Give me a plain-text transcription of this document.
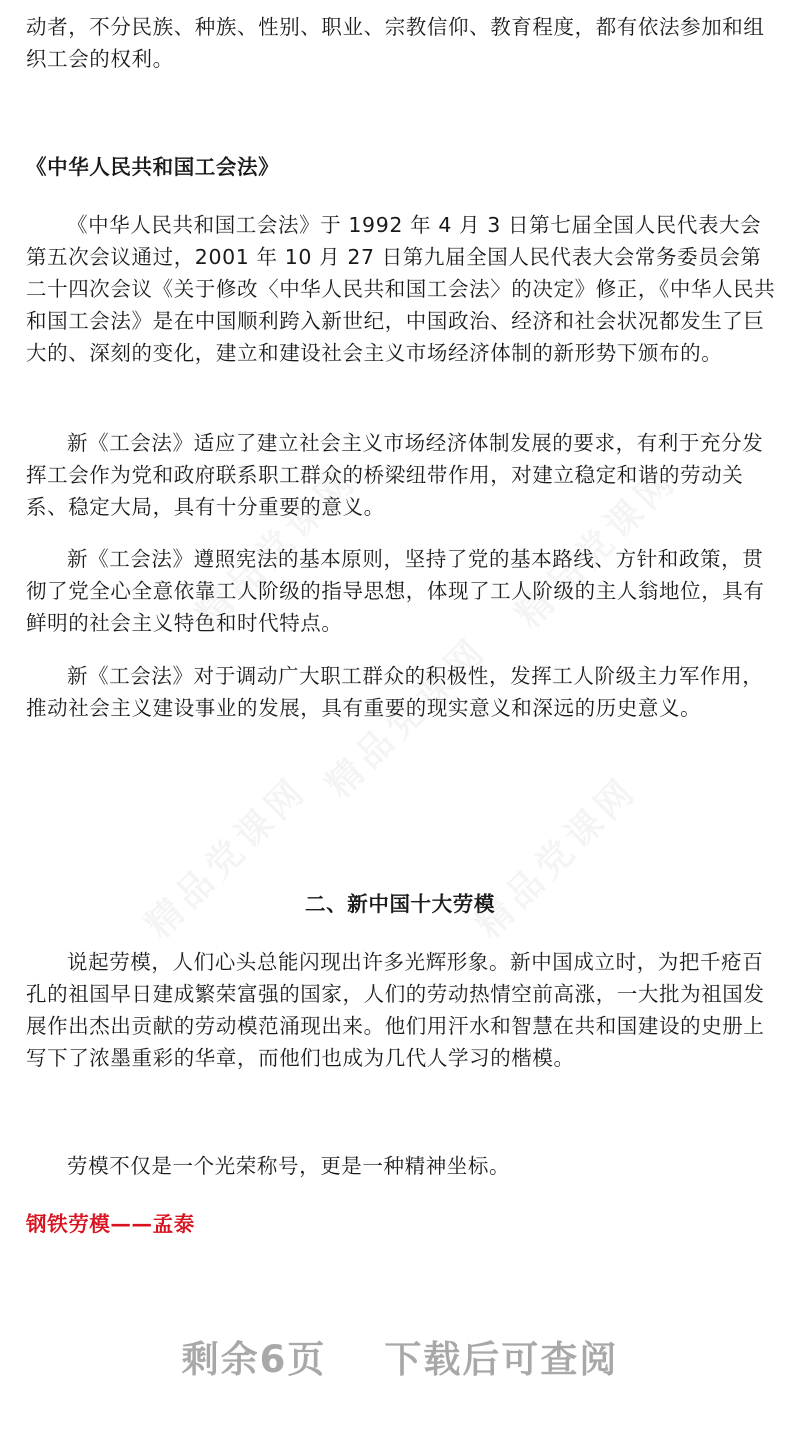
动者，不分民族、种族、性别、职业、宗教信仰、教育程度，都有依法参加和组织工会的权利。

《中华人民共和国工会法》

《中华人民共和国工会法》于 1992 年 4 月 3 日第七届全国人民代表大会第五次会议通过，2001 年 10 月 27 日第九届全国人民代表大会常务委员会第二十四次会议《关于修改〈中华人民共和国工会法〉的决定》修正，《中华人民共和国工会法》是在中国顺利跨入新世纪，中国政治、经济和社会状况都发生了巨大的、深刻的变化，建立和建设社会主义市场经济体制的新形势下颁布的。

新《工会法》适应了建立社会主义市场经济体制发展的要求，有利于充分发挥工会作为党和政府联系职工群众的桥梁纽带作用，对建立稳定和谐的劳动关系、稳定大局，具有十分重要的意义。

新《工会法》遵照宪法的基本原则，坚持了党的基本路线、方针和政策，贯彻了党全心全意依靠工人阶级的指导思想，体现了工人阶级的主人翁地位，具有鲜明的社会主义特色和时代特点。

新《工会法》对于调动广大职工群众的积极性，发挥工人阶级主力军作用，推动社会主义建设事业的发展，具有重要的现实意义和深远的历史意义。

二、新中国十大劳模

说起劳模，人们心头总能闪现出许多光辉形象。新中国成立时，为把千疮百孔的祖国早日建成繁荣富强的国家，人们的劳动热情空前高涨，一大批为祖国发展作出杰出贡献的劳动模范涌现出来。他们用汗水和智慧在共和国建设的史册上写下了浓墨重彩的华章，而他们也成为几代人学习的楷模。

劳模不仅是一个光荣称号，更是一种精神坐标。

钢铁劳模——孟泰
剩余6页 下载后可查阅
